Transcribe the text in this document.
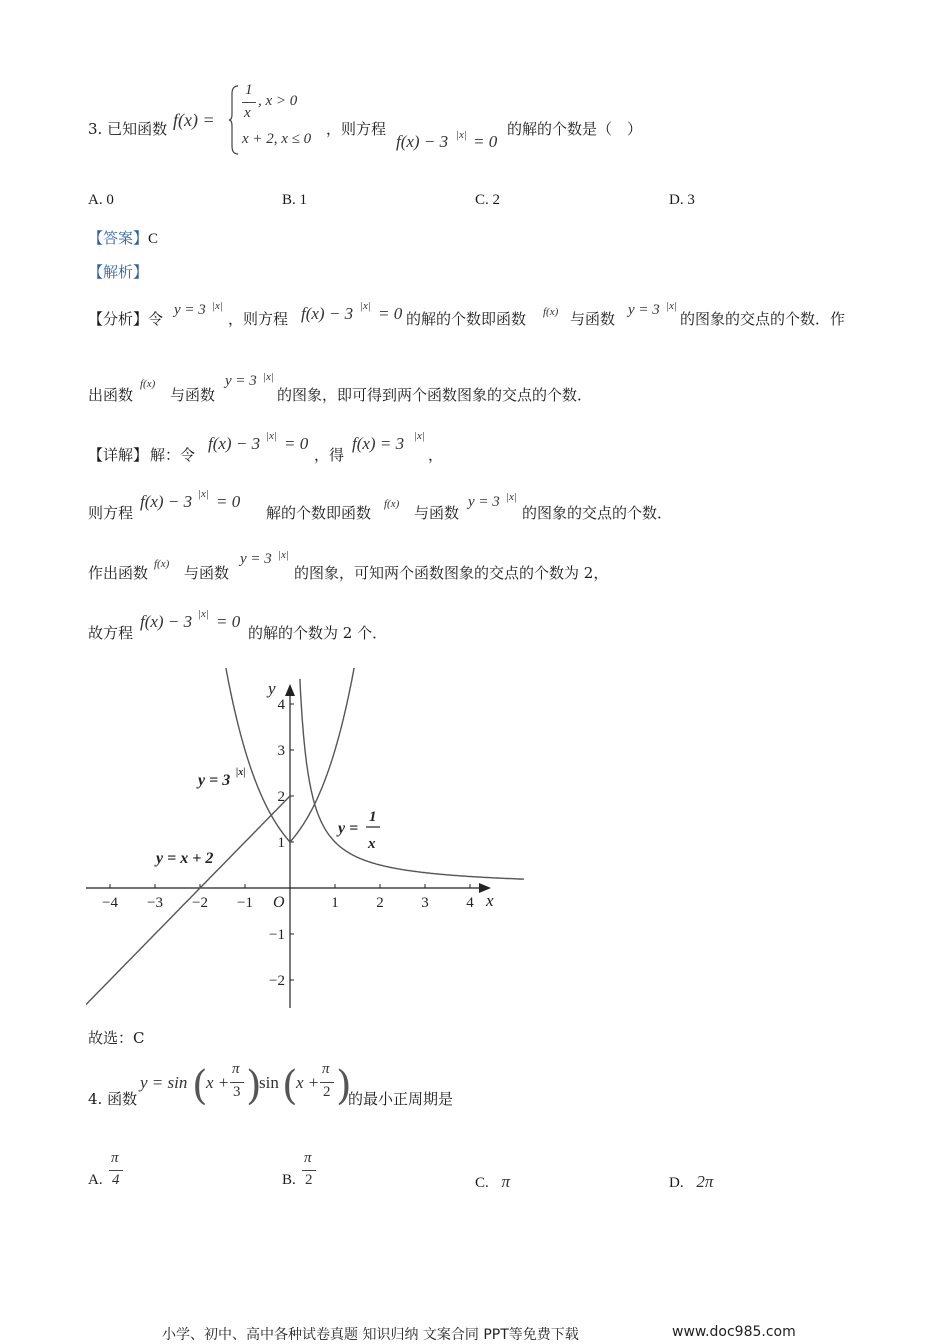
3. 已知函数 f(x) =
1
x
, x > 0
x + 2, x ≤ 0
，则方程
f(x) − 3 |x| = 0
的解的个数是（　）
A. 0	B. 1	C. 2	D. 3
【答案】C
【解析】
【分析】 令 y = 3 |x|
，则方程 f(x) − 3 |x| = 0 的解的个数即函数 f(x) 与函数 y = 3 |x|
的图象的交点的个数．作
出函数
f(x)
与函数
y = 3 |x|
的图象，即可得到两个函数图象的交点的个数．
【详解】 解：令
f(x) − 3 |x| = 0
，得
f(x) = 3 |x|
，
则方程
f(x) − 3 |x| = 0
解的个数即函数 f(x) 与函数
y = 3 |x|
的图象的交点的个数．
作出函数 f(x) 与函数
y = 3 |x|
的图象，可知两个函数图象的交点的个数为 2，
故方程
f(x) − 3 |x| = 0
的解的个数为 2 个．
−4 −3 −2 −1	1	2	3	4
4
3
2
1
−1
−2
y
x
O
y = 3 |x|
y = x + 2
y =
1
x
故选：C
4. 函数
y = sin (
x +
π
3 )
sin (
x +
π
2 )
的最小正周期是
A.
π
4	B.
π
2	C. π	D. 2π
小学、初中、高中各种试卷真题 知识归纳 文案合同 PPT等免费下载	www.doc985.com
